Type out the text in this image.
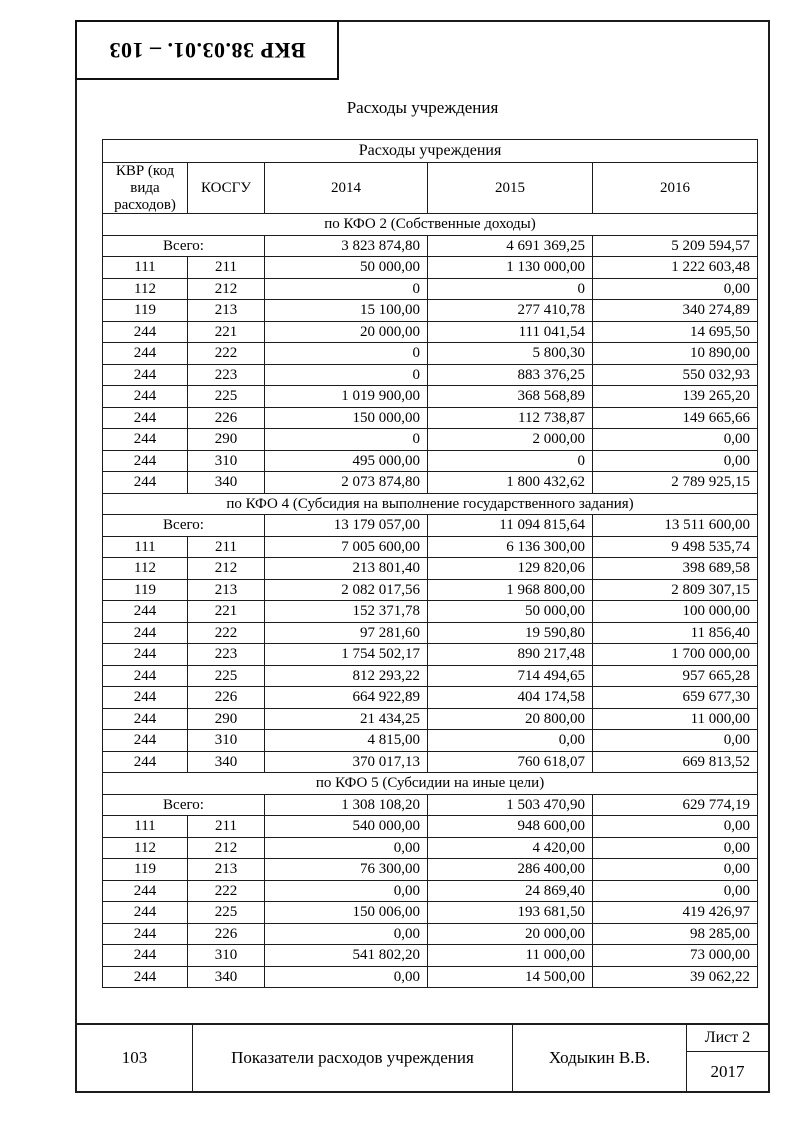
ВКР 38.03.01. – 103
Расходы учреждения
Расходы учреждения				
КВР (код вида расходов)	КОСГУ	2014	2015	2016
по КФО 2 (Собственные доходы)				
Всего:		3 823 874,80	4 691 369,25	5 209 594,57
111	211	50 000,00	1 130 000,00	1 222 603,48
112	212	0	0	0,00
119	213	15 100,00	277 410,78	340 274,89
244	221	20 000,00	111 041,54	14 695,50
244	222	0	5 800,30	10 890,00
244	223	0	883 376,25	550 032,93
244	225	1 019 900,00	368 568,89	139 265,20
244	226	150 000,00	112 738,87	149 665,66
244	290	0	2 000,00	0,00
244	310	495 000,00	0	0,00
244	340	2 073 874,80	1 800 432,62	2 789 925,15
по КФО 4 (Субсидия на выполнение государственного задания)				
Всего:		13 179 057,00	11 094 815,64	13 511 600,00
111	211	7 005 600,00	6 136 300,00	9 498 535,74
112	212	213 801,40	129 820,06	398 689,58
119	213	2 082 017,56	1 968 800,00	2 809 307,15
244	221	152 371,78	50 000,00	100 000,00
244	222	97 281,60	19 590,80	11 856,40
244	223	1 754 502,17	890 217,48	1 700 000,00
244	225	812 293,22	714 494,65	957 665,28
244	226	664 922,89	404 174,58	659 677,30
244	290	21 434,25	20 800,00	11 000,00
244	310	4 815,00	0,00	0,00
244	340	370 017,13	760 618,07	669 813,52
по КФО 5 (Субсидии на иные цели)				
Всего:		1 308 108,20	1 503 470,90	629 774,19
111	211	540 000,00	948 600,00	0,00
112	212	0,00	4 420,00	0,00
119	213	76 300,00	286 400,00	0,00
244	222	0,00	24 869,40	0,00
244	225	150 006,00	193 681,50	419 426,97
244	226	0,00	20 000,00	98 285,00
244	310	541 802,20	11 000,00	73 000,00
244	340	0,00	14 500,00	39 062,22
103	Показатели расходов учреждения	Ходыкин В.В.
Лист 2
2017
